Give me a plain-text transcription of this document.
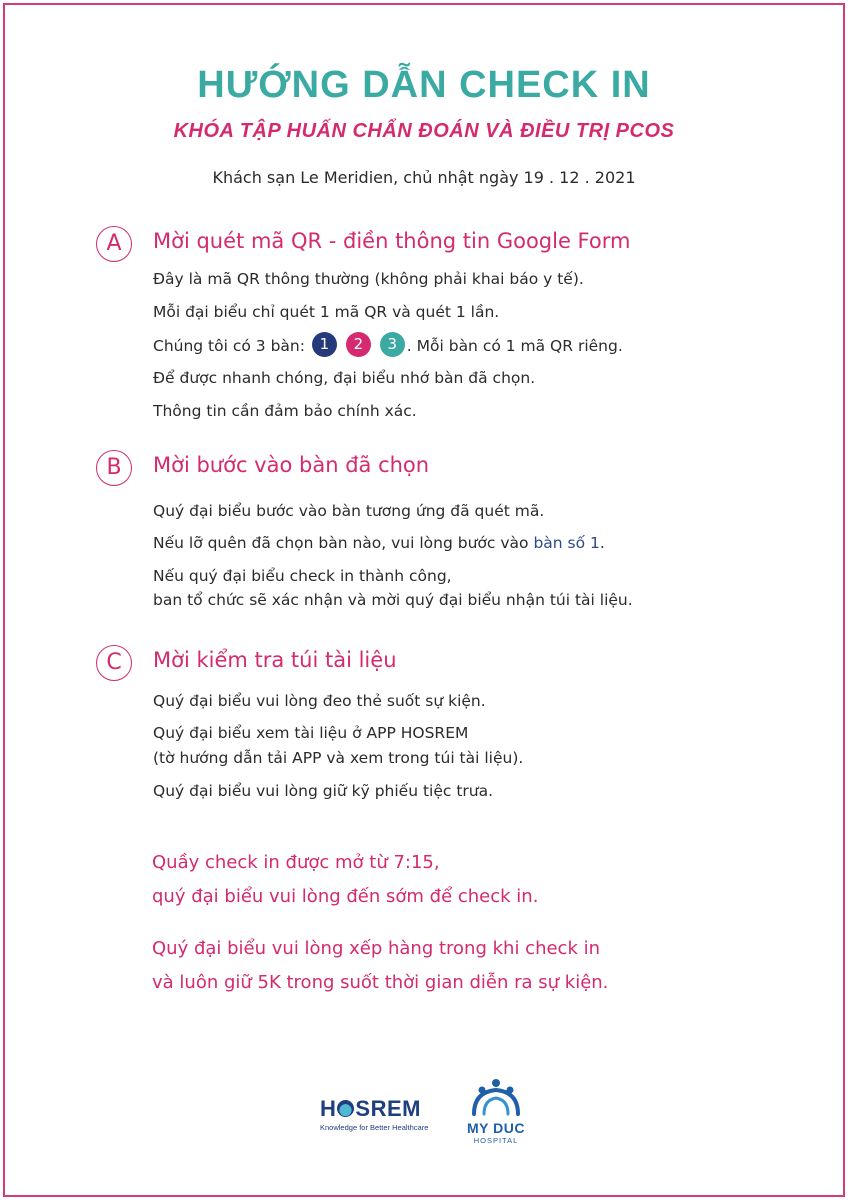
HƯỚNG DẪN CHECK IN
KHÓA TẬP HUẤN CHẨN ĐOÁN VÀ ĐIỀU TRỊ PCOS
Khách sạn Le Meridien, chủ nhật ngày 19 . 12 . 2021
A	Mời quét mã QR - điền thông tin Google Form
Đây là mã QR thông thường (không phải khai báo y tế).
Mỗi đại biểu chỉ quét 1 mã QR và quét 1 lần.
Chúng tôi có 3 bàn: 1 2 3 . Mỗi bàn có 1 mã QR riêng.
Để được nhanh chóng, đại biểu nhớ bàn đã chọn.
Thông tin cần đảm bảo chính xác.
B	Mời bước vào bàn đã chọn
Quý đại biểu bước vào bàn tương ứng đã quét mã.
Nếu lỡ quên đã chọn bàn nào, vui lòng bước vào bàn số 1.
Nếu quý đại biểu check in thành công,
ban tổ chức sẽ xác nhận và mời quý đại biểu nhận túi tài liệu.
C	Mời kiểm tra túi tài liệu
Quý đại biểu vui lòng đeo thẻ suốt sự kiện.
Quý đại biểu xem tài liệu ở APP HOSREM
(tờ hướng dẫn tải APP và xem trong túi tài liệu).
Quý đại biểu vui lòng giữ kỹ phiếu tiệc trưa.
Quầy check in được mở từ 7:15,
quý đại biểu vui lòng đến sớm để check in.
Quý đại biểu vui lòng xếp hàng trong khi check in
và luôn giữ 5K trong suốt thời gian diễn ra sự kiện.
H SREM
Knowledge for Better Healthcare	MY DUC
HOSPITAL
